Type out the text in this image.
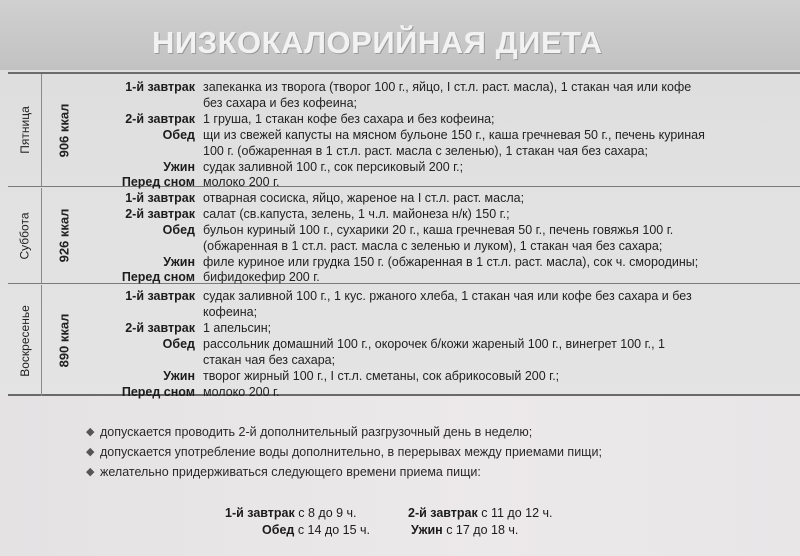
НИЗКОКАЛОРИЙНАЯ ДИЕТА
Пятница 906 ккал
1-й завтрак запеканка из творога (творог 100 г., яйцо, I ст.л. раст. масла), 1 стакан чая или кофе
без сахара и без кофеина;
2-й завтрак 1 груша, 1 стакан кофе без сахара и без кофеина;
Обед щи из свежей капусты на мясном бульоне 150 г., каша гречневая 50 г., печень куриная
100 г. (обжаренная в 1 ст.л. раст. масла с зеленью), 1 стакан чая без сахара;
Ужин судак заливной 100 г., сок персиковый 200 г.;
Перед сном молоко 200 г.
Суббота 926 ккал
1-й завтрак отварная сосиска, яйцо, жареное на I ст.л. раст. масла;
2-й завтрак салат (св.капуста, зелень, 1 ч.л. майонеза н/к) 150 г.;
Обед бульон куриный 100 г., сухарики 20 г., каша гречневая 50 г., печень говяжья 100 г.
(обжаренная в 1 ст.л. раст. масла с зеленью и луком), 1 стакан чая без сахара;
Ужин филе куриное или грудка 150 г. (обжаренная в 1 ст.л. раст. масла), сок ч. смородины;
Перед сном бифидокефир 200 г.
Воскресенье 890 ккал
1-й завтрак судак заливной 100 г., 1 кус. ржаного хлеба, 1 стакан чая или кофе без сахара и без
кофеина;
2-й завтрак 1 апельсин;
Обед рассольник домашний 100 г., окорочек б/кожи жареный 100 г., винегрет 100 г., 1
стакан чая без сахара;
Ужин творог жирный 100 г., I ст.л. сметаны, сок абрикосовый 200 г.;
Перед сном молоко 200 г.
◆ допускается проводить 2-й дополнительный разгрузочный день в неделю;
◆ допускается употребление воды дополнительно, в перерывах между приемами пищи;
◆ желательно придерживаться следующего времени приема пищи:
1-й завтрак с 8 до 9 ч.	2-й завтрак с 11 до 12 ч.
Обед с 14 до 15 ч.	Ужин с 17 до 18 ч.
